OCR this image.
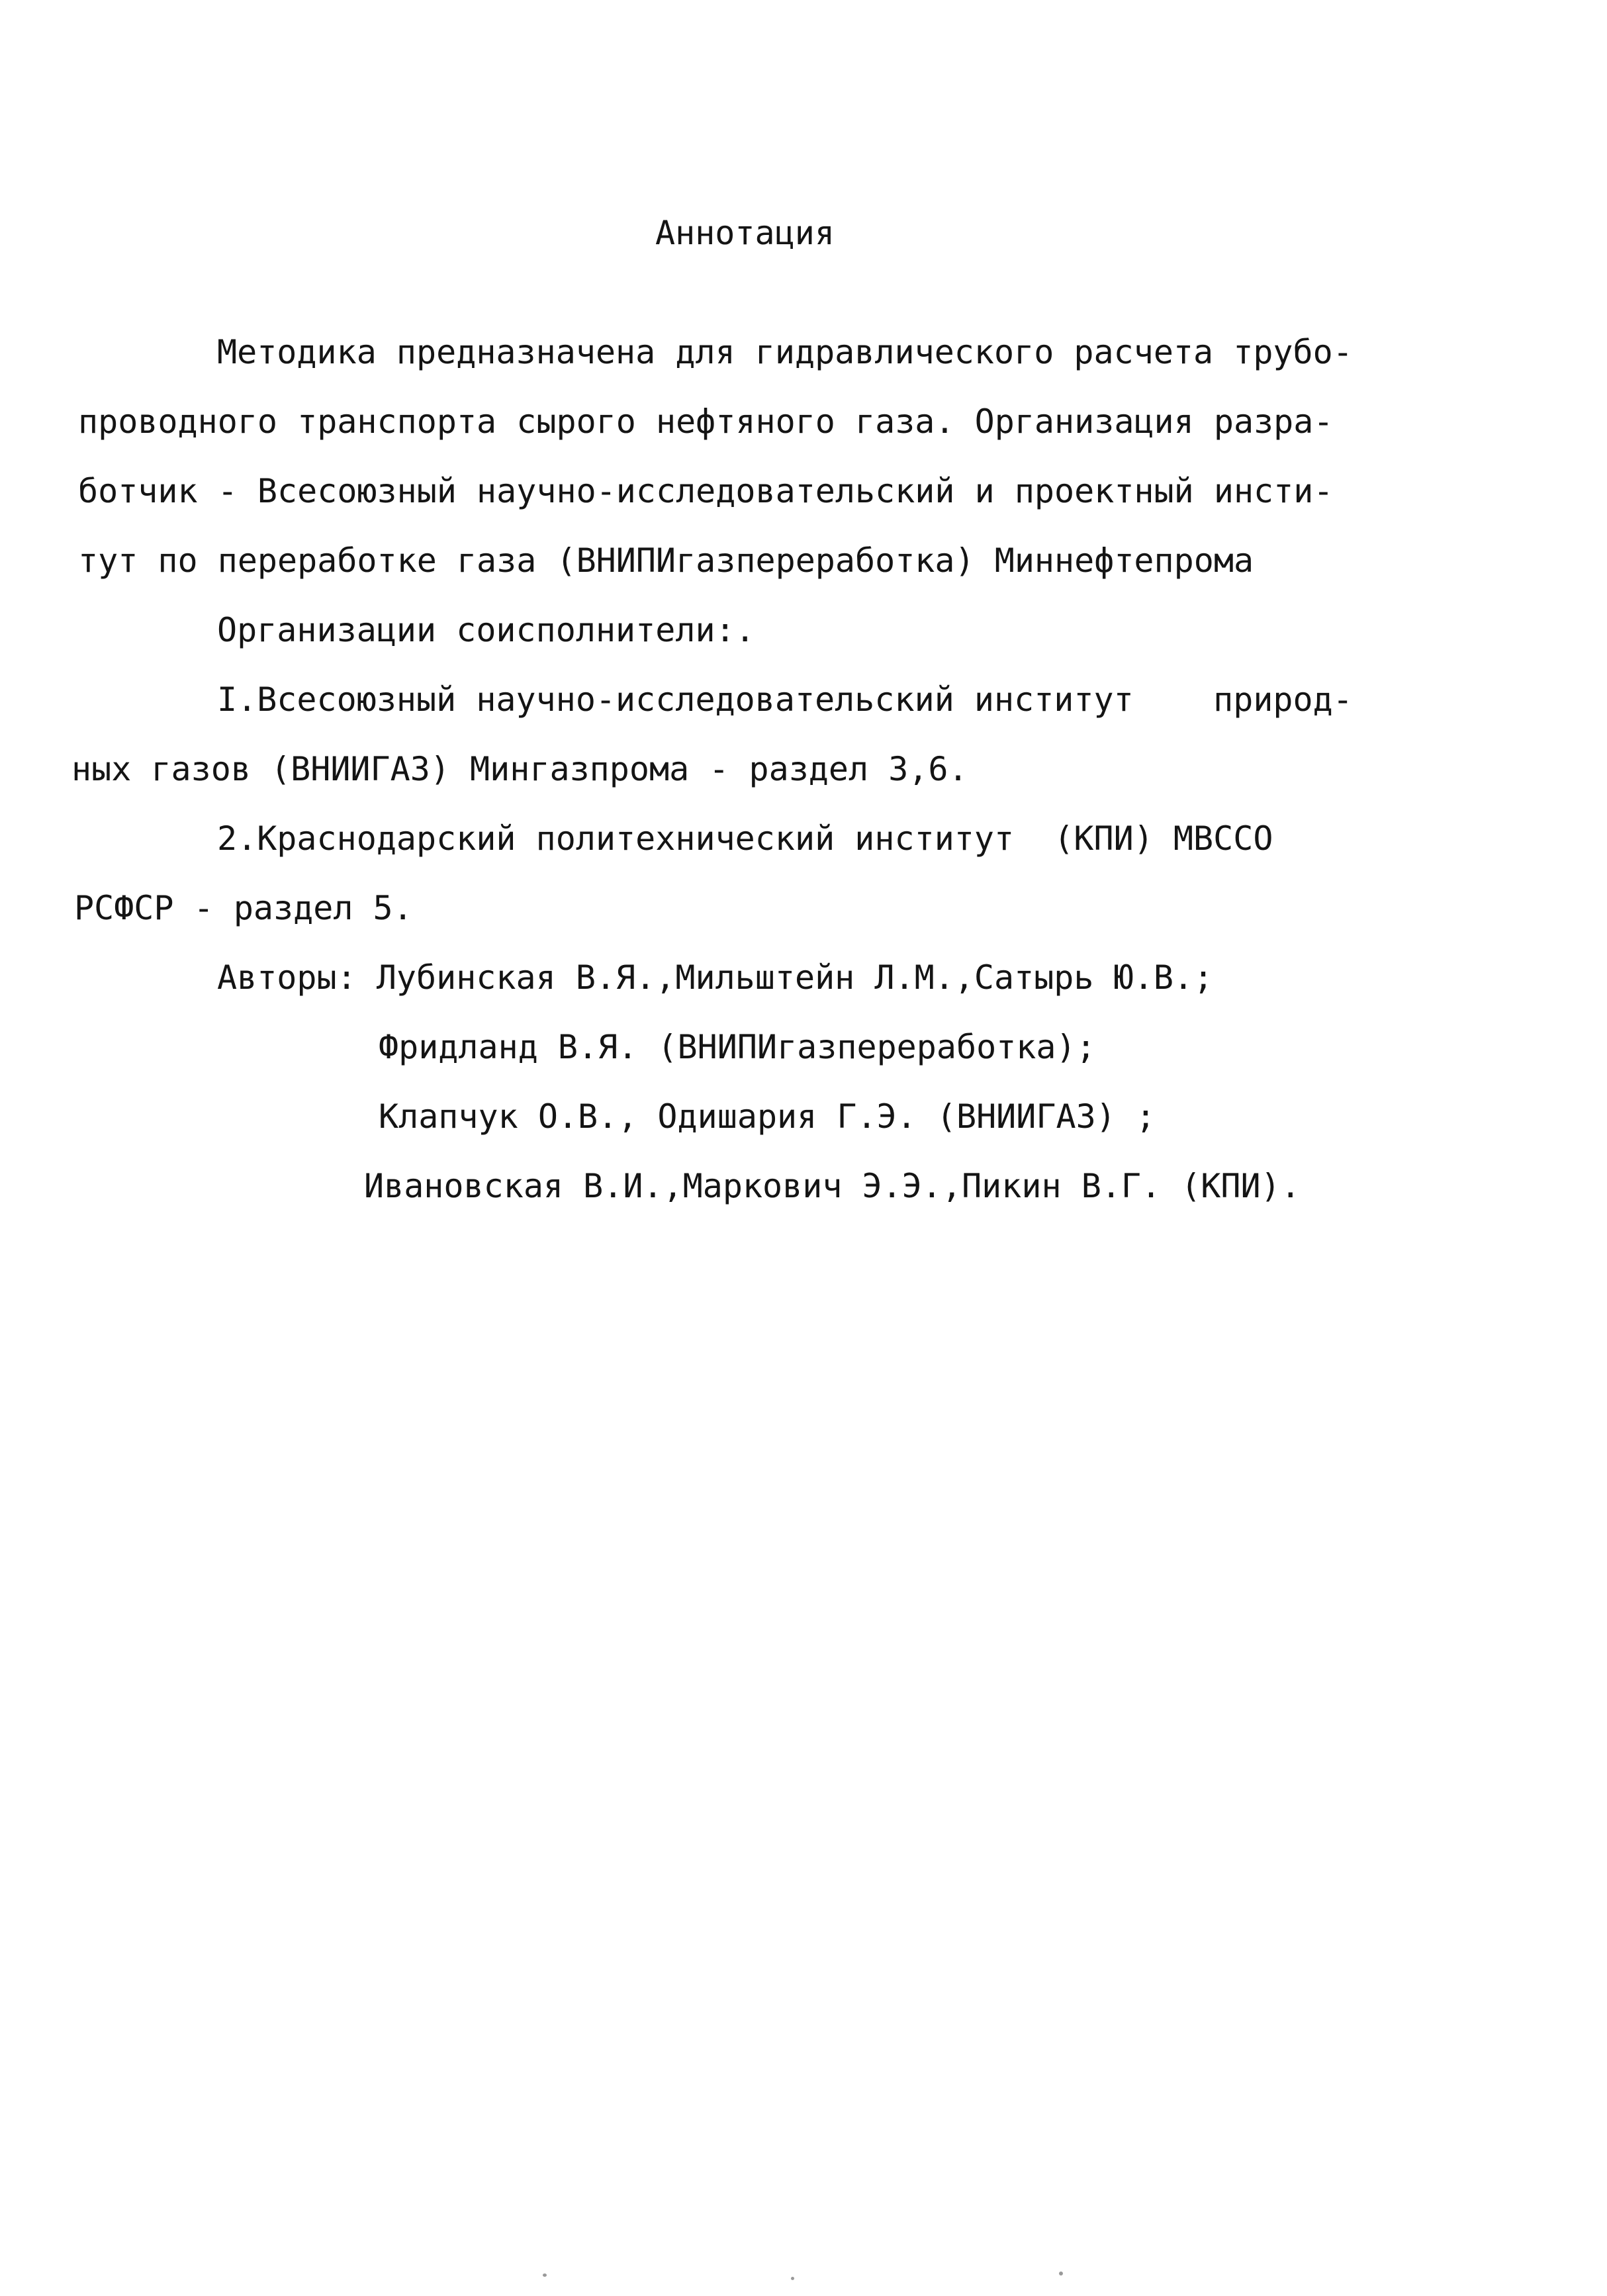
Аннотация

Методика предназначена для гидравлического расчета трубо-

проводного транспорта сырого нефтяного газа. Организация разра-

ботчик - Всесоюзный научно-исследовательский и проектный инсти-

тут по переработке газа (ВНИПИгазпереработка) Миннефтепрома

Организации соисполнители:.

I.Всесоюзный научно-исследовательский институт    природ-

ных газов (ВНИИГАЗ) Мингазпрома - раздел 3,6.

2.Краснодарский политехнический институт  (КПИ) МВССО

РСФСР - раздел 5.

Авторы: Лубинская В.Я.,Мильштейн Л.М.,Сатырь Ю.В.;

Фридланд В.Я. (ВНИПИгазпереработка);

Клапчук О.В., Одишария Г.Э. (ВНИИГАЗ) ;

Ивановская В.И.,Маркович Э.Э.,Пикин В.Г. (КПИ).
